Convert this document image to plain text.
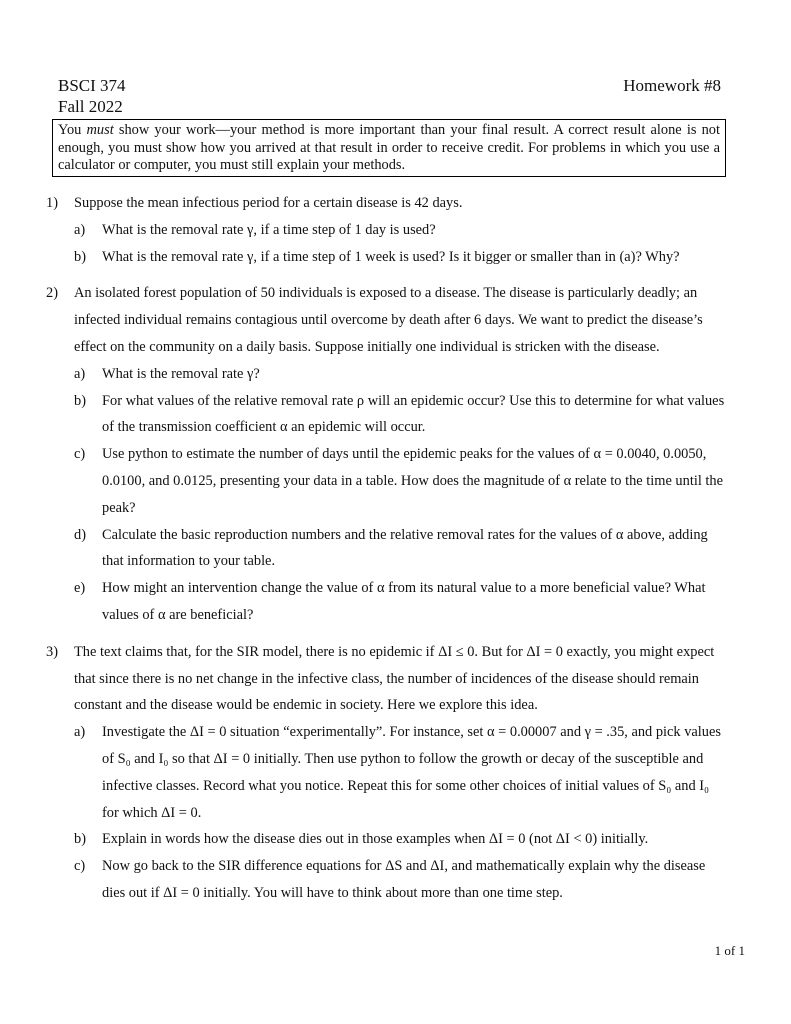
BSCI 374
Fall 2022
Homework #8
You must show your work—your method is more important than your final result. A correct result alone is not enough, you must show how you arrived at that result in order to receive credit. For problems in which you use a calculator or computer, you must still explain your methods.
1) Suppose the mean infectious period for a certain disease is 42 days.
a) What is the removal rate γ, if a time step of 1 day is used?
b) What is the removal rate γ, if a time step of 1 week is used? Is it bigger or smaller than in (a)? Why?
2) An isolated forest population of 50 individuals is exposed to a disease. The disease is particularly deadly; an infected individual remains contagious until overcome by death after 6 days. We want to predict the disease’s effect on the community on a daily basis. Suppose initially one individual is stricken with the disease.
a) What is the removal rate γ?
b) For what values of the relative removal rate ρ will an epidemic occur? Use this to determine for what values of the transmission coefficient α an epidemic will occur.
c) Use python to estimate the number of days until the epidemic peaks for the values of α = 0.0040, 0.0050, 0.0100, and 0.0125, presenting your data in a table. How does the magnitude of α relate to the time until the peak?
d) Calculate the basic reproduction numbers and the relative removal rates for the values of α above, adding that information to your table.
e) How might an intervention change the value of α from its natural value to a more beneficial value? What values of α are beneficial?
3) The text claims that, for the SIR model, there is no epidemic if ΔI ≤ 0. But for ΔI = 0 exactly, you might expect that since there is no net change in the infective class, the number of incidences of the disease should remain constant and the disease would be endemic in society. Here we explore this idea.
a) Investigate the ΔI = 0 situation “experimentally”. For instance, set α = 0.00007 and γ = .35, and pick values of S₀ and I₀ so that ΔI = 0 initially. Then use python to follow the growth or decay of the susceptible and infective classes. Record what you notice. Repeat this for some other choices of initial values of S₀ and I₀ for which ΔI = 0.
b) Explain in words how the disease dies out in those examples when ΔI = 0 (not ΔI < 0) initially.
c) Now go back to the SIR difference equations for ΔS and ΔI, and mathematically explain why the disease dies out if ΔI = 0 initially. You will have to think about more than one time step.
1 of 1
